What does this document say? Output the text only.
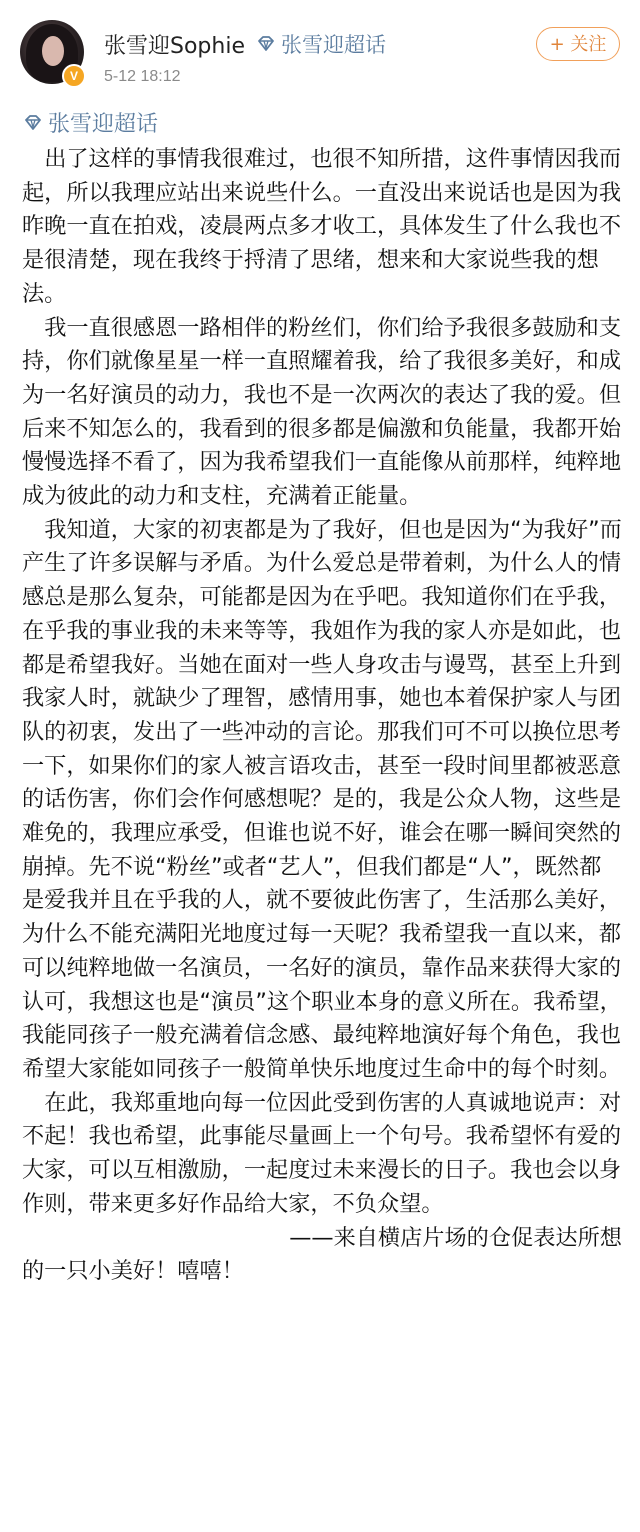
V
张雪迎Sophie 张雪迎超话
5-12 18:12
+ 关注
张雪迎超话

出了这样的事情我很难过，也很不知所措，这件事情因我而起，所以我理应站出来说些什么。一直没出来说话也是因为我昨晚一直在拍戏，凌晨两点多才收工，具体发生了什么我也不是很清楚，现在我终于捋清了思绪，想来和大家说些我的想法。

我一直很感恩一路相伴的粉丝们，你们给予我很多鼓励和支持，你们就像星星一样一直照耀着我，给了我很多美好，和成为一名好演员的动力，我也不是一次两次的表达了我的爱。但后来不知怎么的，我看到的很多都是偏激和负能量，我都开始慢慢选择不看了，因为我希望我们一直能像从前那样，纯粹地成为彼此的动力和支柱，充满着正能量。

我知道，大家的初衷都是为了我好，但也是因为“为我好”而产生了许多误解与矛盾。为什么爱总是带着刺，为什么人的情感总是那么复杂，可能都是因为在乎吧。我知道你们在乎我，在乎我的事业我的未来等等，我姐作为我的家人亦是如此，也都是希望我好。当她在面对一些人身攻击与谩骂，甚至上升到我家人时，就缺少了理智，感情用事，她也本着保护家人与团队的初衷，发出了一些冲动的言论。那我们可不可以换位思考一下，如果你们的家人被言语攻击，甚至一段时间里都被恶意的话伤害，你们会作何感想呢？是的，我是公众人物，这些是难免的，我理应承受，但谁也说不好，谁会在哪一瞬间突然的崩掉。先不说“粉丝”或者“艺人”，但我们都是“人”，既然都是爱我并且在乎我的人，就不要彼此伤害了，生活那么美好，为什么不能充满阳光地度过每一天呢？我希望我一直以来，都可以纯粹地做一名演员，一名好的演员，靠作品来获得大家的认可，我想这也是“演员”这个职业本身的意义所在。我希望，我能同孩子一般充满着信念感、最纯粹地演好每个角色，我也希望大家能如同孩子一般简单快乐地度过生命中的每个时刻。

在此，我郑重地向每一位因此受到伤害的人真诚地说声：对不起！我也希望，此事能尽量画上一个句号。我希望怀有爱的大家，可以互相激励，一起度过未来漫长的日子。我也会以身作则，带来更多好作品给大家，不负众望。

——来自横店片场的仓促表达所想

的一只小美好！嘻嘻！
